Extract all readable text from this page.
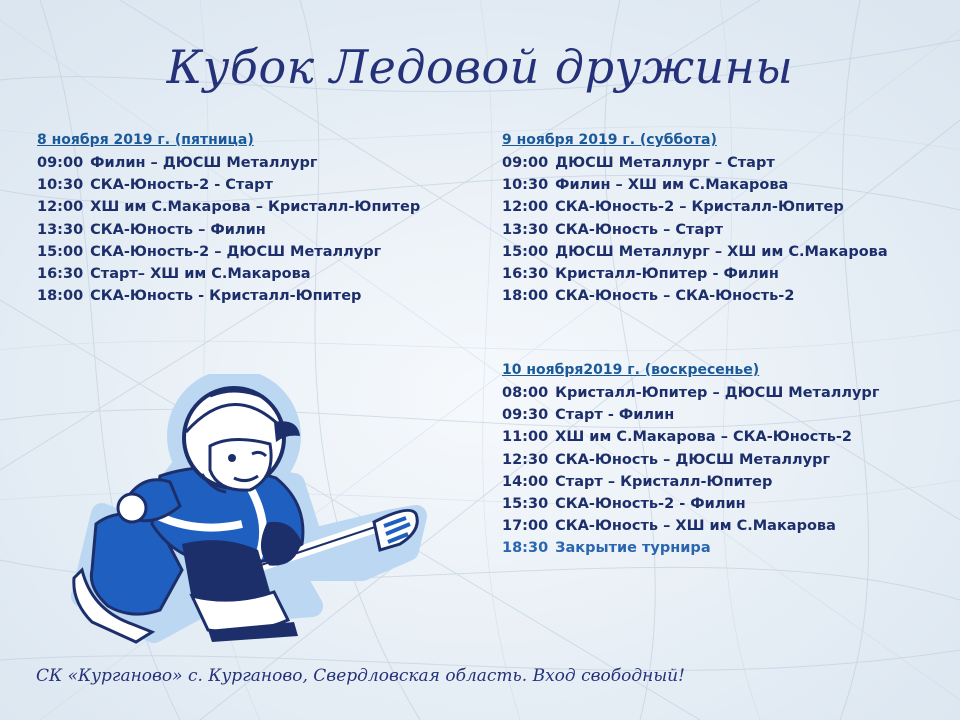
Кубок Ледовой дружины
8 ноября 2019 г. (пятница)
09:00 Филин – ДЮСШ Металлург
10:30 СКА-Юность-2 - Старт
12:00 ХШ им С.Макарова – Кристалл-Юпитер
13:30 СКА-Юность – Филин
15:00 СКА-Юность-2 – ДЮСШ Металлург
16:30 Старт– ХШ им С.Макарова
18:00 СКА-Юность - Кристалл-Юпитер
9 ноября 2019 г. (суббота)
09:00 ДЮСШ Металлург – Старт
10:30 Филин – ХШ им С.Макарова
12:00 СКА-Юность-2 – Кристалл-Юпитер
13:30 СКА-Юность – Старт
15:00 ДЮСШ Металлург – ХШ им С.Макарова
16:30 Кристалл-Юпитер - Филин
18:00 СКА-Юность – СКА-Юность-2
10 ноября2019 г. (воскресенье)
08:00 Кристалл-Юпитер – ДЮСШ Металлург
09:30 Старт - Филин
11:00 ХШ им С.Макарова – СКА-Юность-2
12:30 СКА-Юность – ДЮСШ Металлург
14:00 Старт – Кристалл-Юпитер
15:30 СКА-Юность-2 - Филин
17:00 СКА-Юность – ХШ им С.Макарова
18:30 Закрытие турнира
СК «Курганово» с. Курганово, Свердловская область. Вход свободный!
